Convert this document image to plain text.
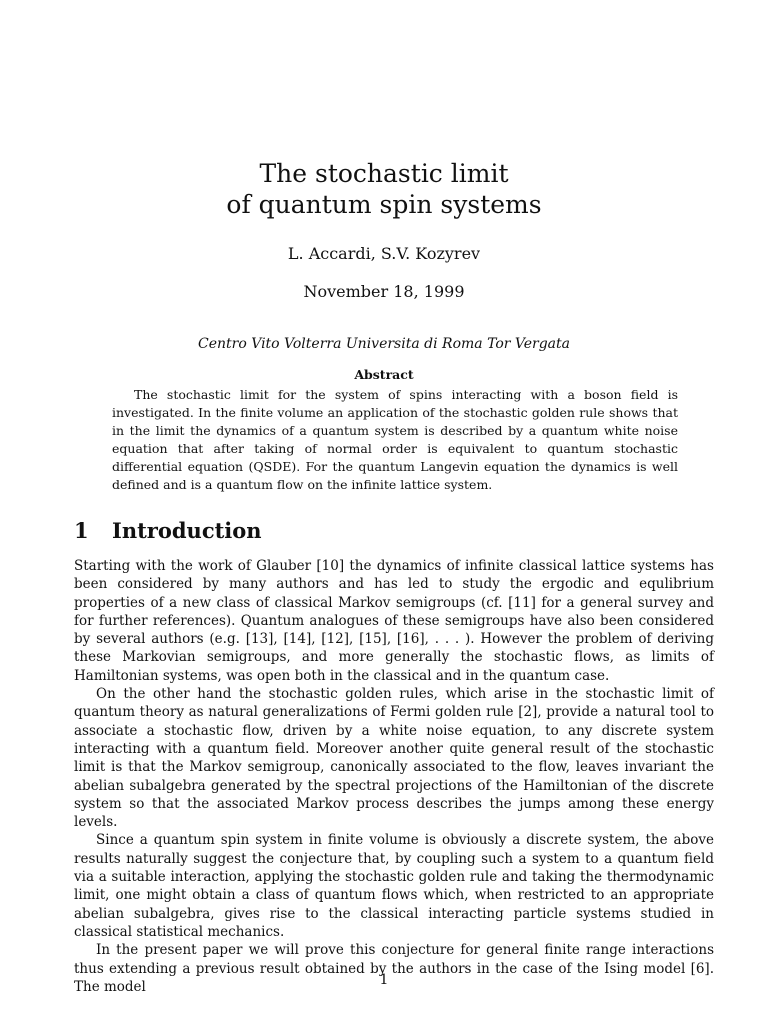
The stochastic limit
of quantum spin systems
L. Accardi, S.V. Kozyrev
November 18, 1999
Centro Vito Volterra Universita di Roma Tor Vergata
Abstract
The stochastic limit for the system of spins interacting with a boson field is investigated. In the finite volume an application of the stochastic golden rule shows that in the limit the dynamics of a quantum system is described by a quantum white noise equation that after taking of normal order is equivalent to quantum stochastic differential equation (QSDE). For the quantum Langevin equation the dynamics is well defined and is a quantum flow on the infinite lattice system.
1 Introduction

Starting with the work of Glauber [10] the dynamics of infinite classical lattice systems has been considered by many authors and has led to study the ergodic and equlibrium properties of a new class of classical Markov semigroups (cf. [11] for a general survey and for further references). Quantum analogues of these semigroups have also been considered by several authors (e.g. [13], [14], [12], [15], [16], . . . ). However the problem of deriving these Markovian semigroups, and more generally the stochastic flows, as limits of Hamiltonian systems, was open both in the classical and in the quantum case.

On the other hand the stochastic golden rules, which arise in the stochastic limit of quantum theory as natural generalizations of Fermi golden rule [2], provide a natural tool to associate a stochastic flow, driven by a white noise equation, to any discrete system interacting with a quantum field. Moreover another quite general result of the stochastic limit is that the Markov semigroup, canonically associated to the flow, leaves invariant the abelian subalgebra generated by the spectral projections of the Hamiltonian of the discrete system so that the associated Markov process describes the jumps among these energy levels.

Since a quantum spin system in finite volume is obviously a discrete system, the above results naturally suggest the conjecture that, by coupling such a system to a quantum field via a suitable interaction, applying the stochastic golden rule and taking the thermodynamic limit, one might obtain a class of quantum flows which, when restricted to an appropriate abelian subalgebra, gives rise to the classical interacting particle systems studied in classical statistical mechanics.

In the present paper we will prove this conjecture for general finite range interactions thus extending a previous result obtained by the authors in the case of the Ising model [6]. The model	1
